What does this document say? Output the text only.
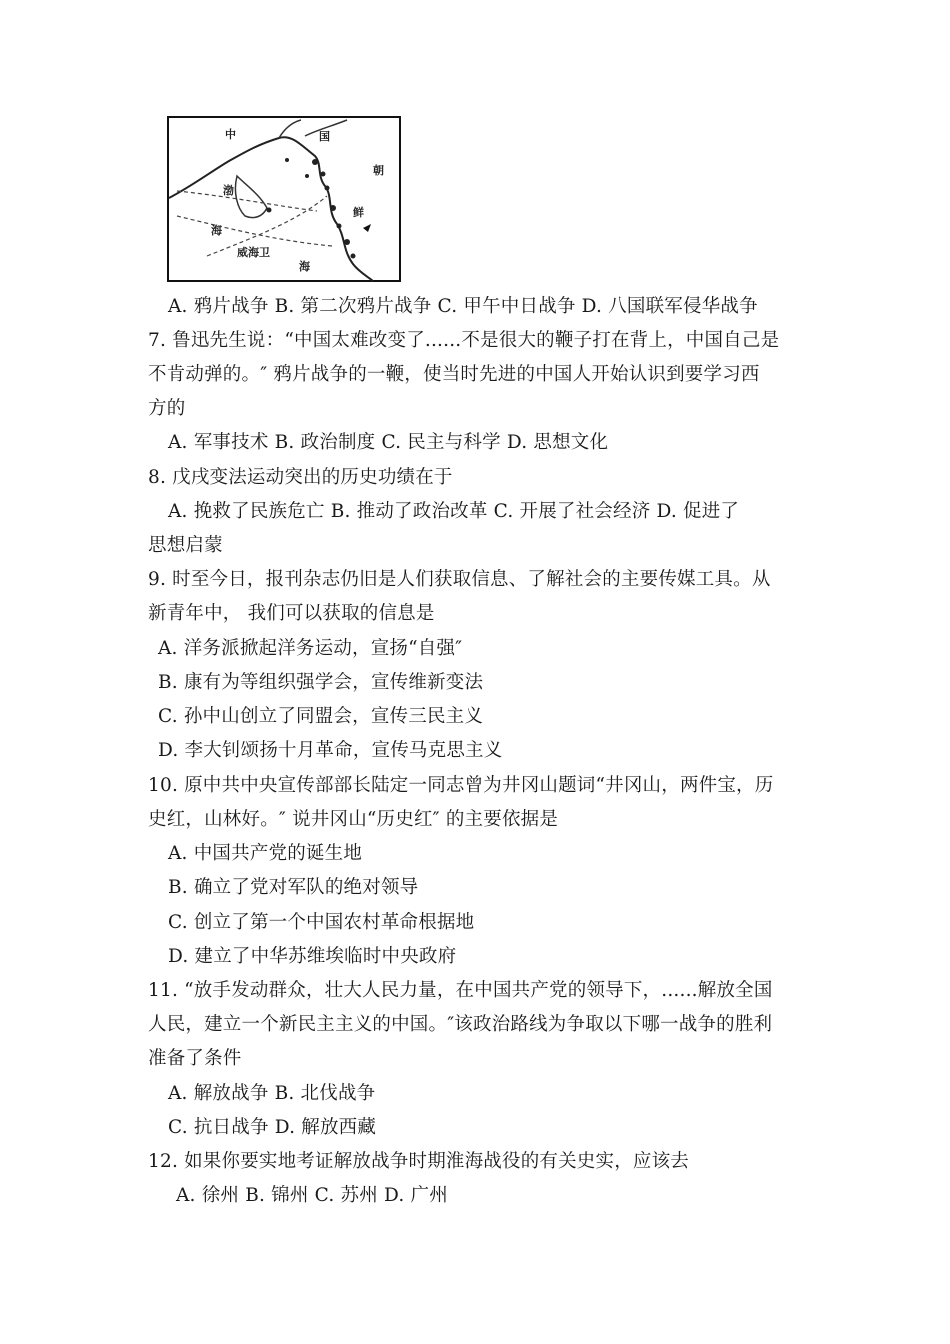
中	国
朝
渤
鲜
海
威海卫
海
A. 鸦片战争 B. 第二次鸦片战争 C. 甲午中日战争 D. 八国联军侵华战争
7. 鲁迅先生说：“中国太难改变了......不是很大的鞭子打在背上，中国自己是
不肯动弹的。″ 鸦片战争的一鞭，使当时先进的中国人开始认识到要学习西
方的
A. 军事技术 B. 政治制度 C. 民主与科学 D. 思想文化
8. 戊戌变法运动突出的历史功绩在于
A. 挽救了民族危亡 B. 推动了政治改革 C. 开展了社会经济 D. 促进了
思想启蒙
9. 时至今日，报刊杂志仍旧是人们获取信息、了解社会的主要传媒工具。从
新青年中， 我们可以获取的信息是
A. 洋务派掀起洋务运动，宣扬“自强″
B. 康有为等组织强学会，宣传维新变法
C. 孙中山创立了同盟会，宣传三民主义
D. 李大钊颂扬十月革命，宣传马克思主义
10. 原中共中央宣传部部长陆定一同志曾为井冈山题词“井冈山，两件宝，历
史红，山林好。″ 说井冈山“历史红″ 的主要依据是
A. 中国共产党的诞生地
B. 确立了党对军队的绝对领导
C. 创立了第一个中国农村革命根据地
D. 建立了中华苏维埃临时中央政府
11. “放手发动群众，壮大人民力量，在中国共产党的领导下，......解放全国
人民，建立一个新民主主义的中国。″该政治路线为争取以下哪一战争的胜利
准备了条件
A. 解放战争 B. 北伐战争
C. 抗日战争 D. 解放西藏
12. 如果你要实地考证解放战争时期淮海战役的有关史实，应该去
A. 徐州 B. 锦州 C. 苏州 D. 广州
